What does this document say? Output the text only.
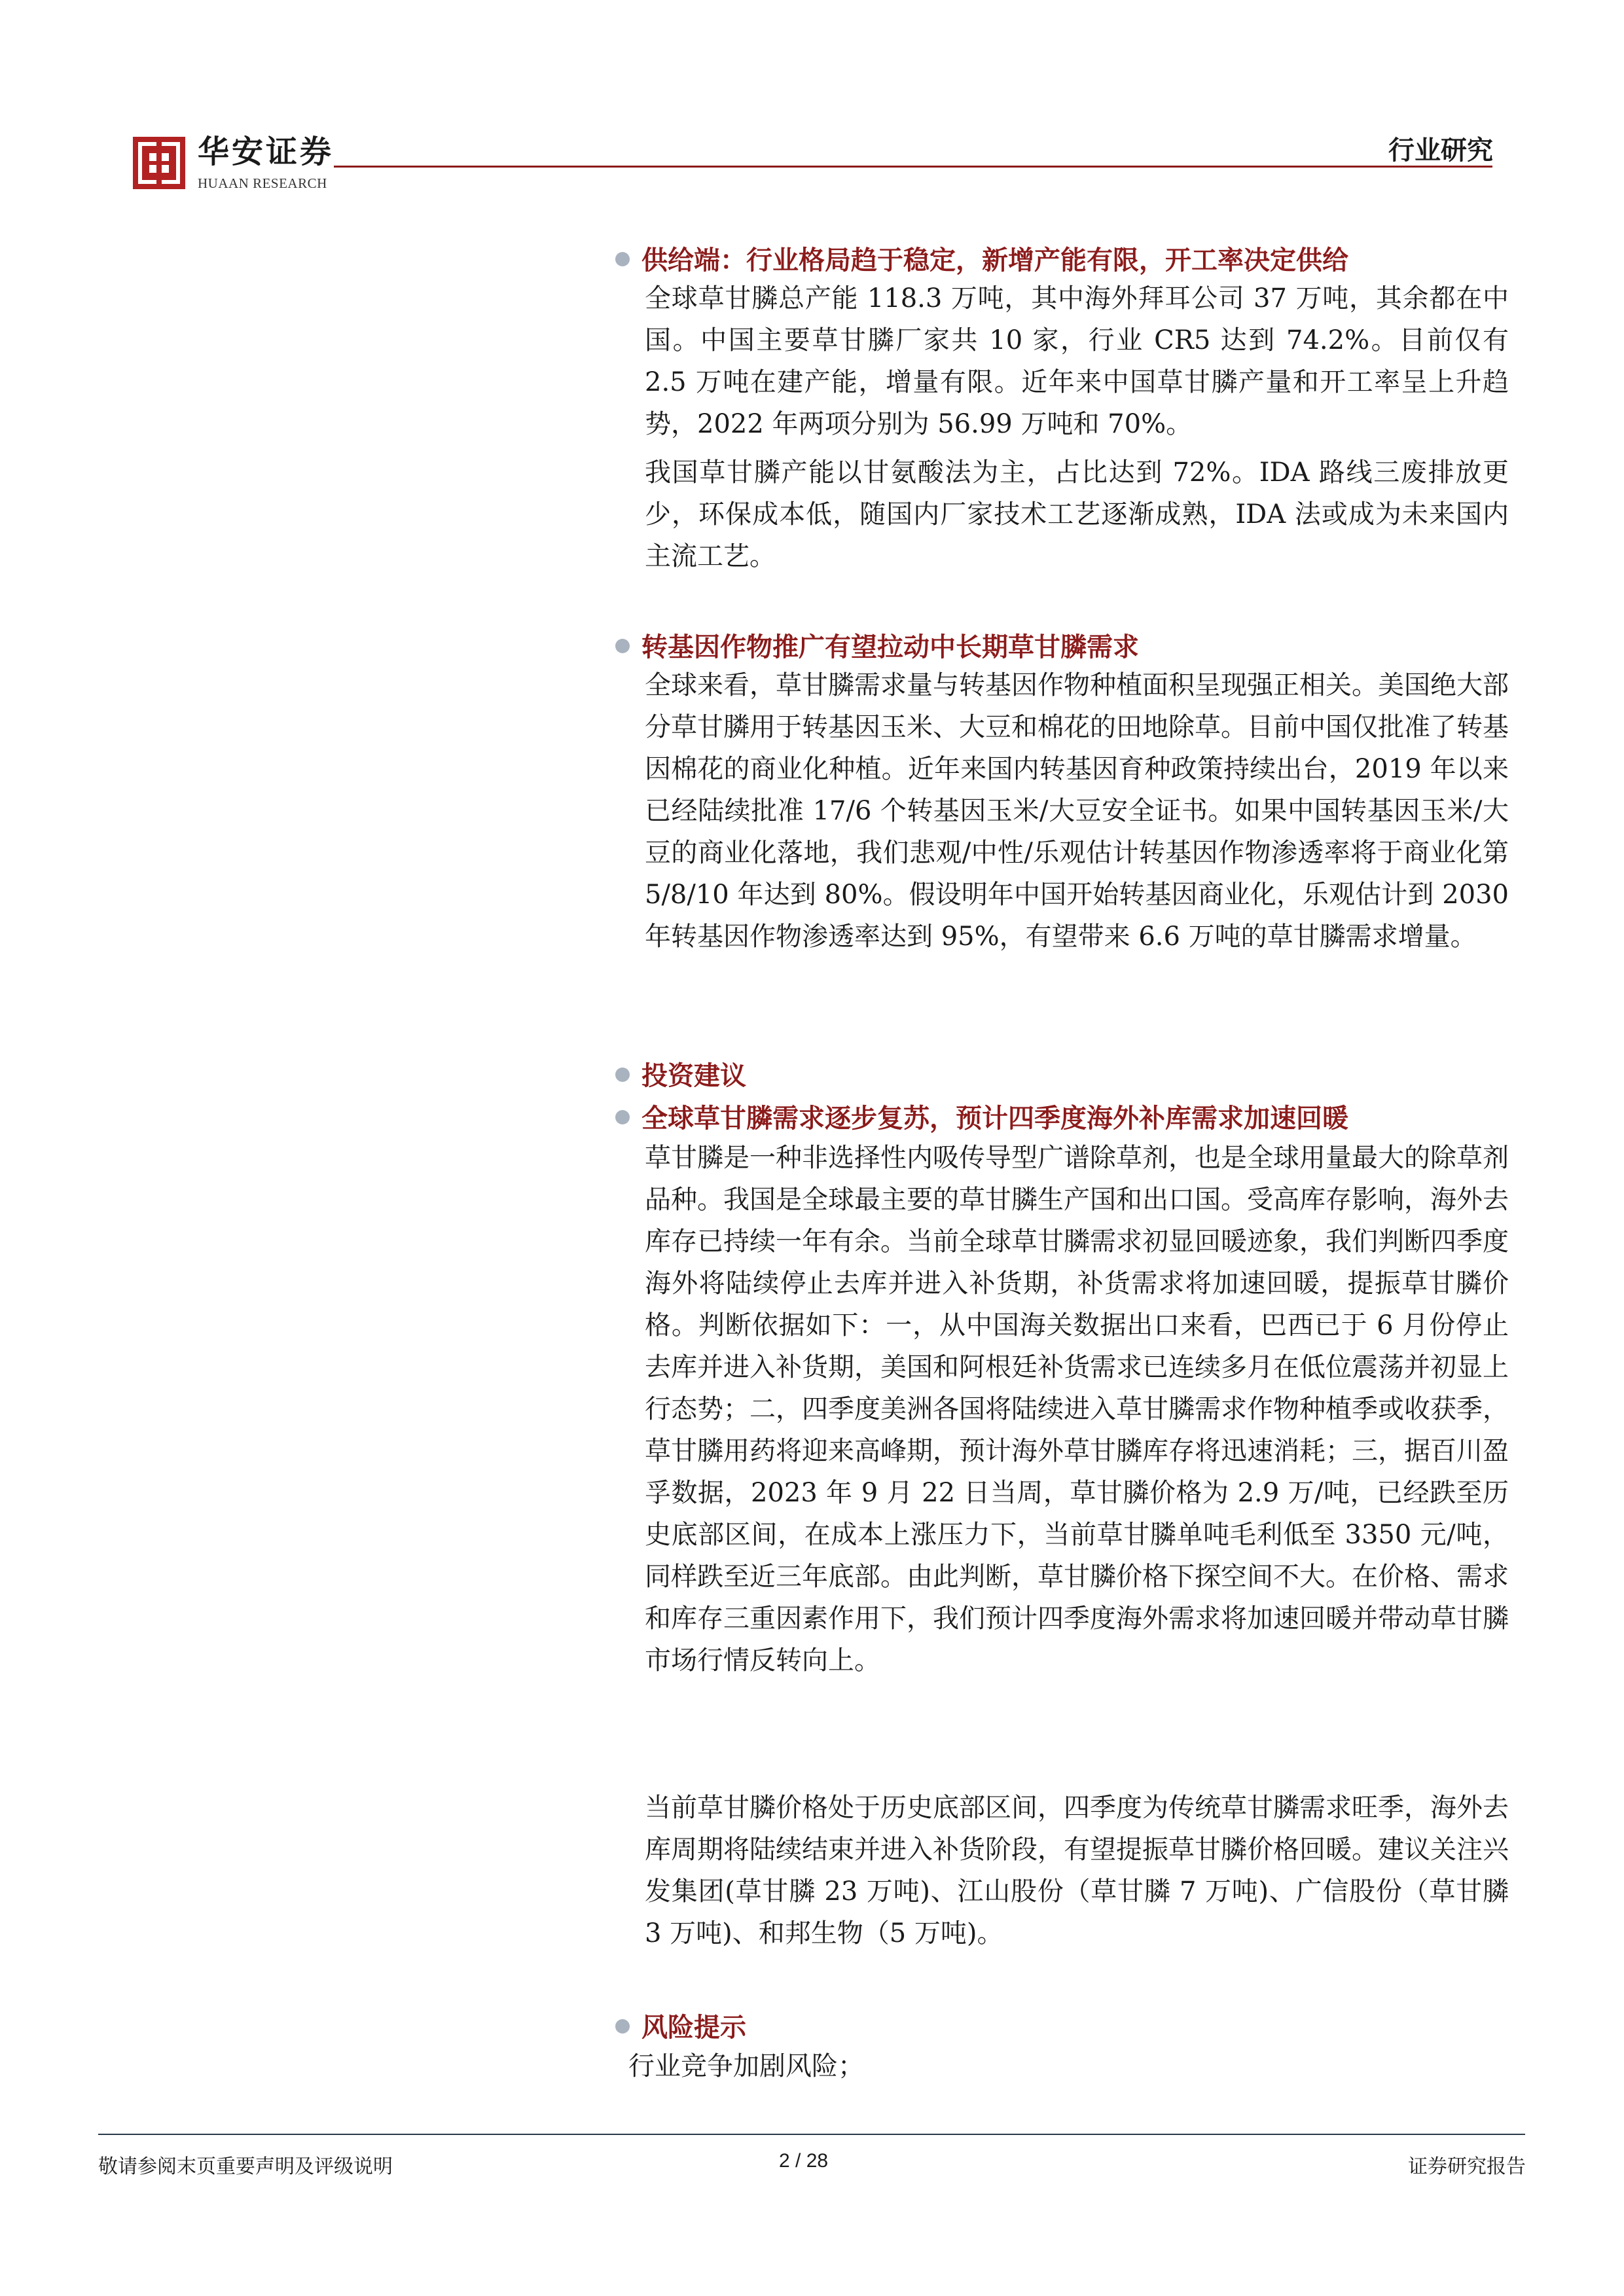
华安证券
HUAAN RESEARCH
行业研究
供给端：行业格局趋于稳定，新增产能有限，开工率决定供给
全球草甘膦总产能 118.3 万吨，其中海外拜耳公司 37 万吨，其余都在中国。中国主要草甘膦厂家共 10 家，行业 CR5 达到 74.2%。目前仅有 2.5 万吨在建产能，增量有限。近年来中国草甘膦产量和开工率呈上升趋势，2022 年两项分别为 56.99 万吨和 70%。
我国草甘膦产能以甘氨酸法为主，占比达到 72%。IDA 路线三废排放更少，环保成本低，随国内厂家技术工艺逐渐成熟，IDA 法或成为未来国内主流工艺。
转基因作物推广有望拉动中长期草甘膦需求
全球来看，草甘膦需求量与转基因作物种植面积呈现强正相关。美国绝大部分草甘膦用于转基因玉米、大豆和棉花的田地除草。目前中国仅批准了转基因棉花的商业化种植。近年来国内转基因育种政策持续出台，2019 年以来已经陆续批准 17/6 个转基因玉米/大豆安全证书。如果中国转基因玉米/大豆的商业化落地，我们悲观/中性/乐观估计转基因作物渗透率将于商业化第 5/8/10 年达到 80%。假设明年中国开始转基因商业化，乐观估计到 2030年转基因作物渗透率达到 95%，有望带来 6.6 万吨的草甘膦需求增量。
投资建议
全球草甘膦需求逐步复苏，预计四季度海外补库需求加速回暖
草甘膦是一种非选择性内吸传导型广谱除草剂，也是全球用量最大的除草剂品种。我国是全球最主要的草甘膦生产国和出口国。受高库存影响，海外去库存已持续一年有余。当前全球草甘膦需求初显回暖迹象，我们判断四季度海外将陆续停止去库并进入补货期，补货需求将加速回暖，提振草甘膦价格。判断依据如下：一，从中国海关数据出口来看，巴西已于 6 月份停止去库并进入补货期，美国和阿根廷补货需求已连续多月在低位震荡并初显上行态势；二，四季度美洲各国将陆续进入草甘膦需求作物种植季或收获季，草甘膦用药将迎来高峰期，预计海外草甘膦库存将迅速消耗；三，据百川盈孚数据，2023 年 9 月 22 日当周，草甘膦价格为 2.9 万/吨，已经跌至历史底部区间，在成本上涨压力下，当前草甘膦单吨毛利低至 3350 元/吨，同样跌至近三年底部。由此判断，草甘膦价格下探空间不大。在价格、需求和库存三重因素作用下，我们预计四季度海外需求将加速回暖并带动草甘膦市场行情反转向上。
当前草甘膦价格处于历史底部区间，四季度为传统草甘膦需求旺季，海外去库周期将陆续结束并进入补货阶段，有望提振草甘膦价格回暖。建议关注兴发集团(草甘膦 23 万吨)、江山股份（草甘膦 7 万吨)、广信股份（草甘膦 3 万吨)、和邦生物（5 万吨)。
风险提示
行业竞争加剧风险；
敬请参阅末页重要声明及评级说明	2 / 28	证券研究报告
